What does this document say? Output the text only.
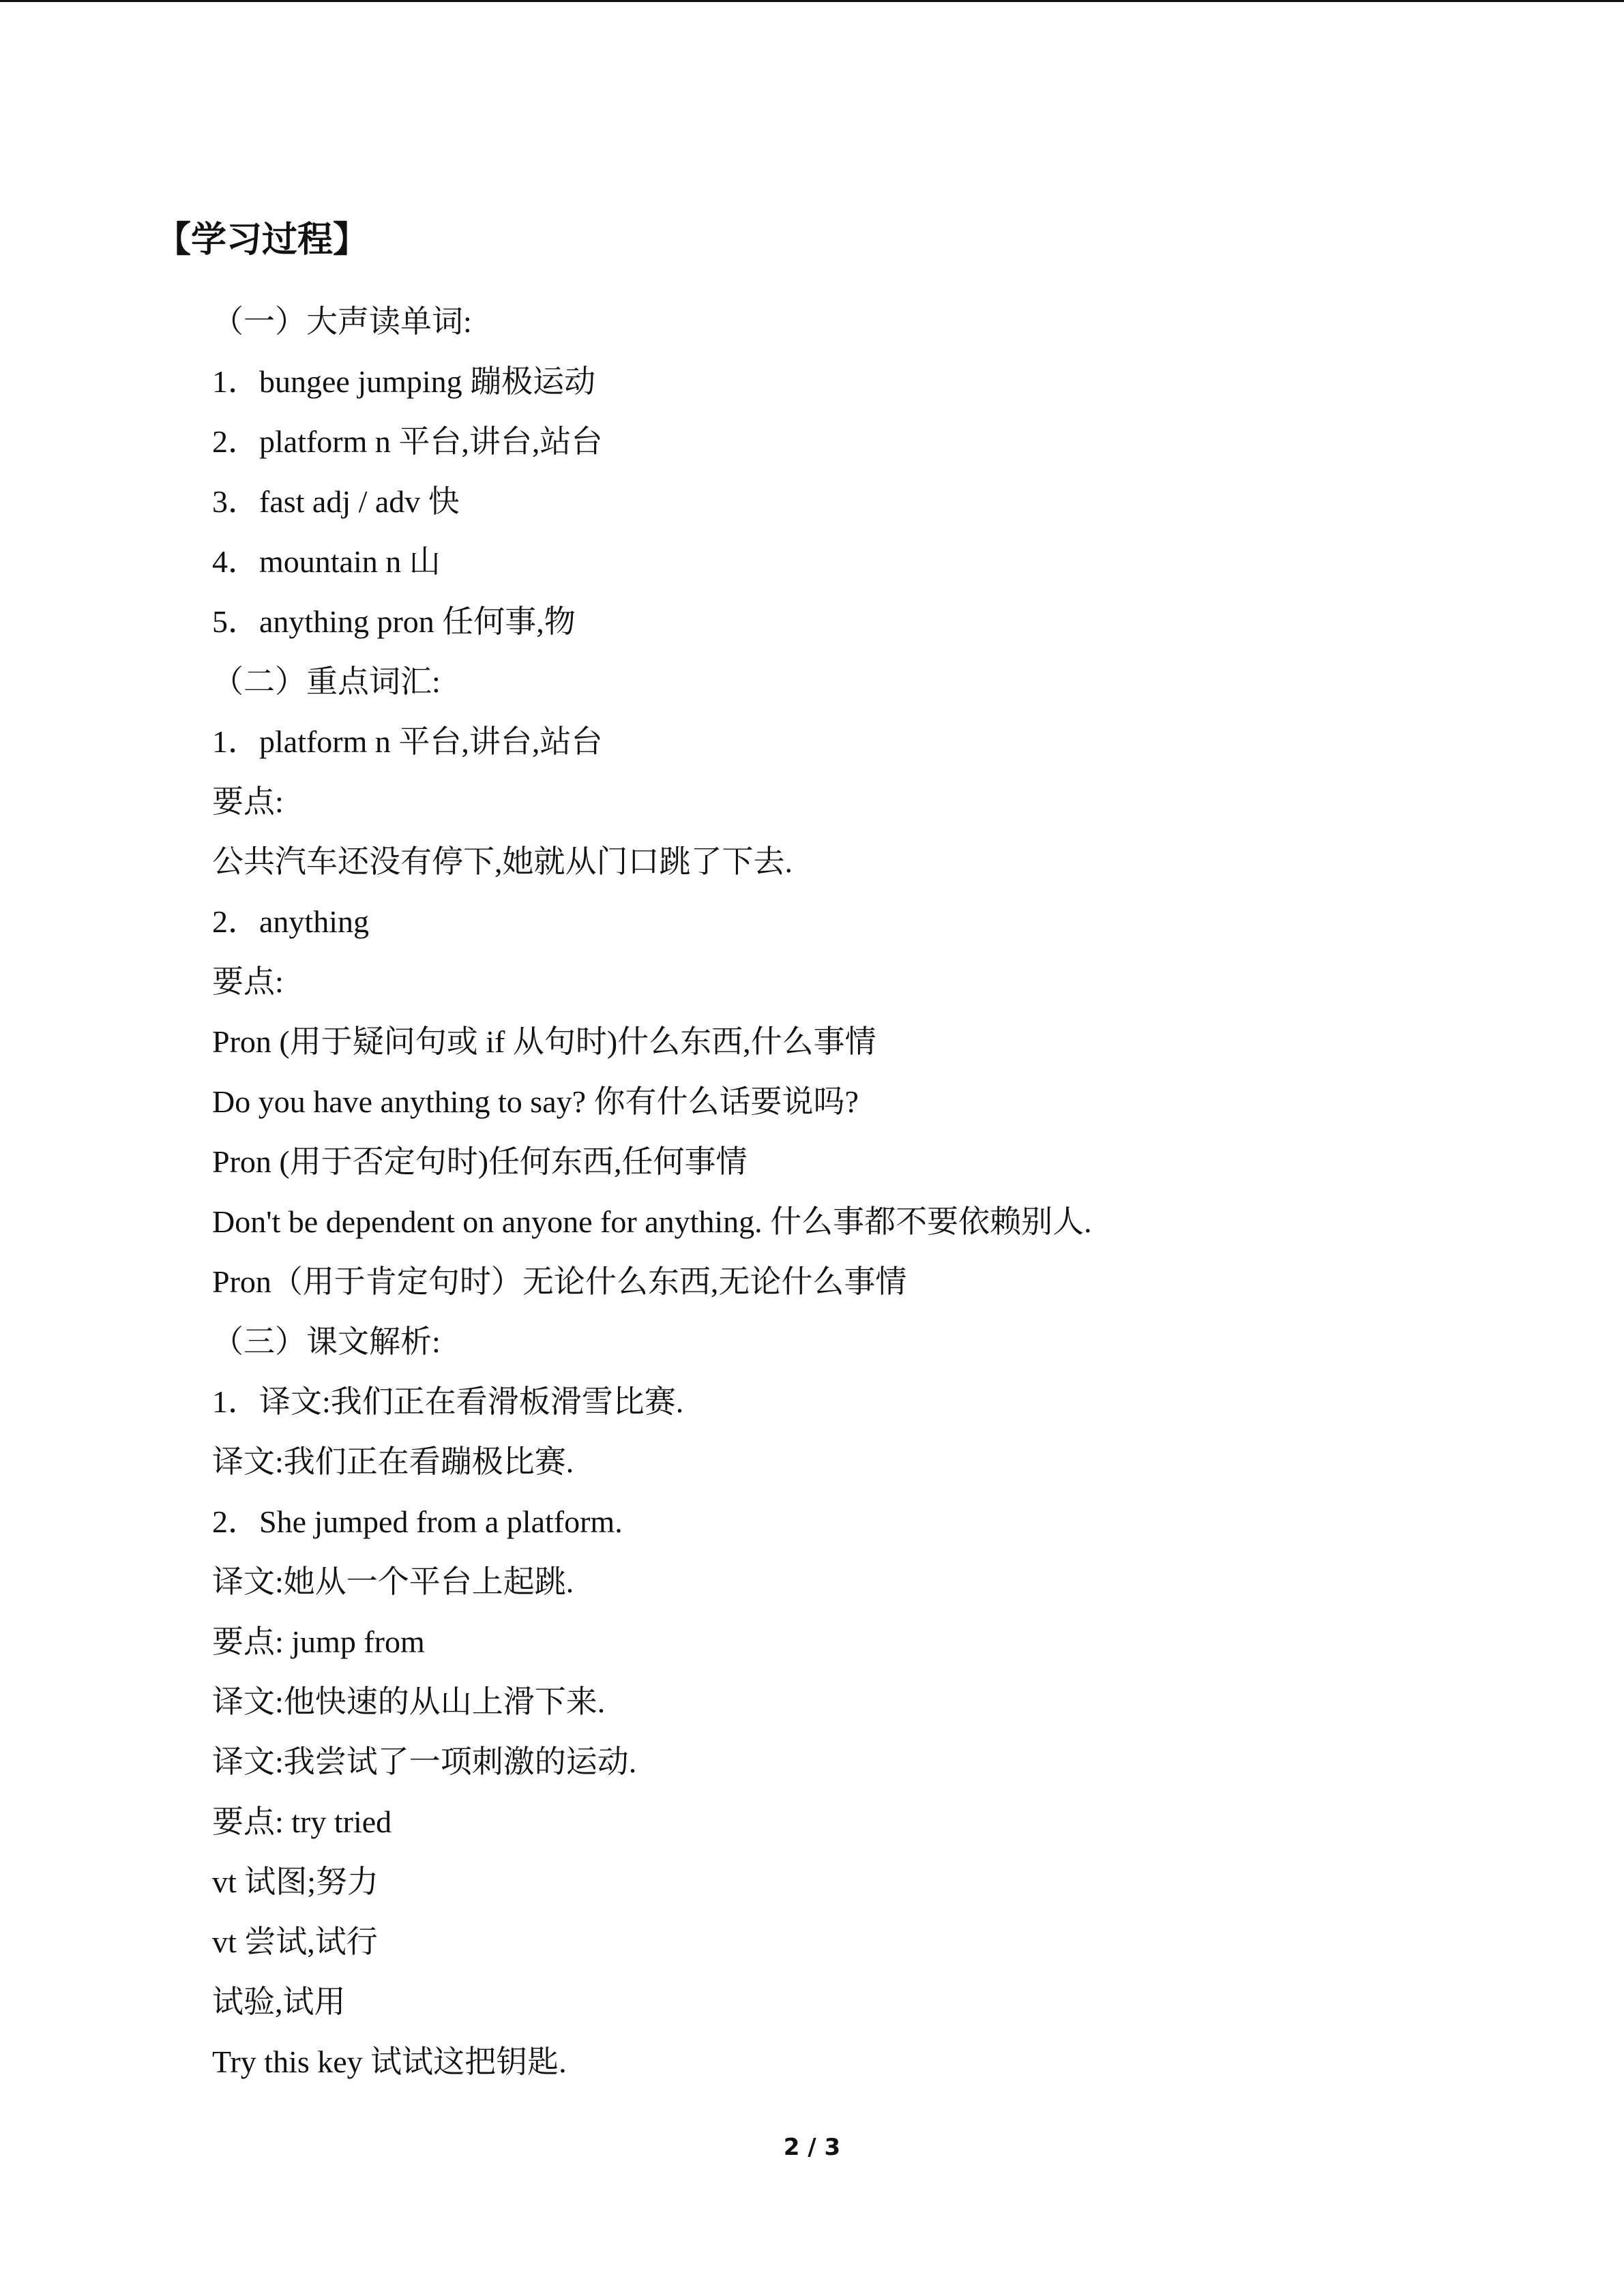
【学习过程】
（一）大声读单词:
1．bungee jumping 蹦极运动
2．platform n 平台,讲台,站台
3．fast adj / adv 快
4．mountain n 山
5．anything pron 任何事,物
（二）重点词汇:
1．platform n 平台,讲台,站台
要点:
公共汽车还没有停下,她就从门口跳了下去.
2．anything
要点:
Pron (用于疑问句或 if 从句时)什么东西,什么事情
Do you have anything to say? 你有什么话要说吗?
Pron (用于否定句时)任何东西,任何事情
Don't be dependent on anyone for anything. 什么事都不要依赖别人.
Pron（用于肯定句时）无论什么东西,无论什么事情
（三）课文解析:
1．译文:我们正在看滑板滑雪比赛.
译文:我们正在看蹦极比赛.
2．She jumped from a platform.
译文:她从一个平台上起跳.
要点: jump from
译文:他快速的从山上滑下来.
译文:我尝试了一项刺激的运动.
要点: try tried
vt 试图;努力
vt 尝试,试行
试验,试用
Try this key 试试这把钥匙.
2 / 3
